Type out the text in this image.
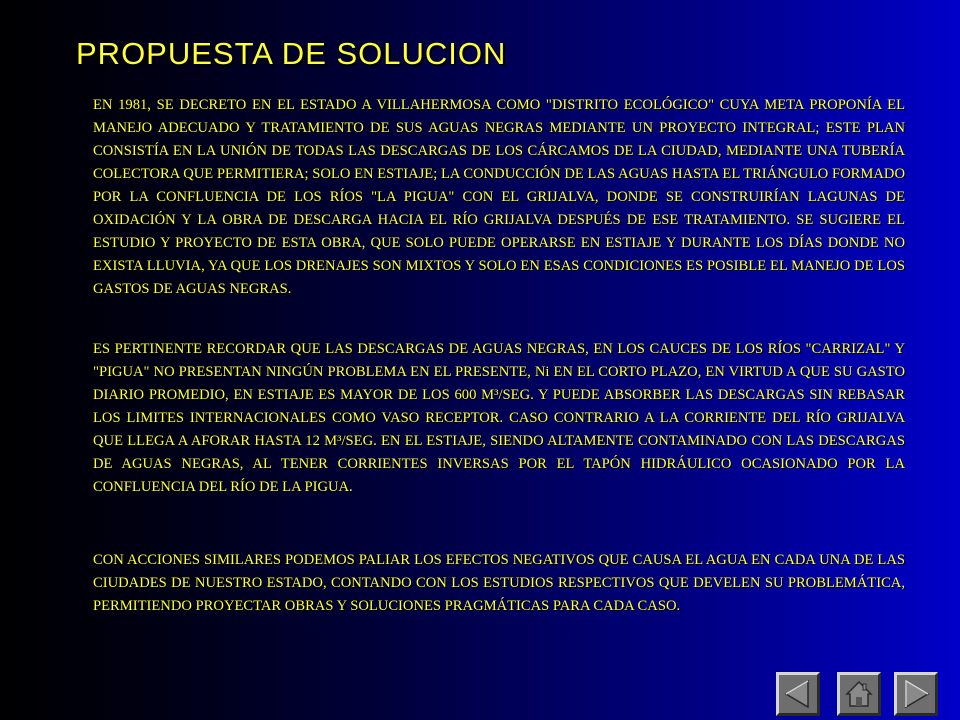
PROPUESTA DE SOLUCION
EN 1981, SE DECRETO EN EL ESTADO A VILLAHERMOSA COMO "DISTRITO ECOLÓGICO" CUYA META PROPONÍA EL MANEJO ADECUADO Y TRATAMIENTO DE SUS AGUAS NEGRAS MEDIANTE UN PROYECTO INTEGRAL; ESTE PLAN CONSISTÍA EN LA UNIÓN DE TODAS LAS DESCARGAS DE LOS CÁRCAMOS DE LA CIUDAD, MEDIANTE UNA TUBERÍA COLECTORA QUE PERMITIERA; SOLO EN ESTIAJE; LA CONDUCCIÓN DE LAS AGUAS HASTA EL TRIÁNGULO FORMADO POR LA CONFLUENCIA DE LOS RÍOS "LA PIGUA" CON EL GRIJALVA, DONDE SE CONSTRUIRÍAN LAGUNAS DE OXIDACIÓN Y LA OBRA DE DESCARGA HACIA EL RÍO GRIJALVA DESPUÉS DE ESE TRATAMIENTO. SE SUGIERE EL ESTUDIO Y PROYECTO DE ESTA OBRA, QUE SOLO PUEDE OPERARSE EN ESTIAJE Y DURANTE LOS DÍAS DONDE NO EXISTA LLUVIA, YA QUE LOS DRENAJES SON MIXTOS Y SOLO EN ESAS CONDICIONES ES POSIBLE EL MANEJO DE LOS GASTOS DE AGUAS NEGRAS.
ES PERTINENTE RECORDAR QUE LAS DESCARGAS DE AGUAS NEGRAS, EN LOS CAUCES DE LOS RÍOS "CARRIZAL" Y "PIGUA" NO PRESENTAN NINGÚN PROBLEMA EN EL PRESENTE, Ni EN EL CORTO PLAZO, EN VIRTUD A QUE SU GASTO DIARIO PROMEDIO, EN ESTIAJE ES MAYOR DE LOS 600 M³/SEG. Y PUEDE ABSORBER LAS DESCARGAS SIN REBASAR LOS LIMITES INTERNACIONALES COMO VASO RECEPTOR. CASO CONTRARIO A LA CORRIENTE DEL RÍO GRIJALVA QUE LLEGA A AFORAR HASTA 12 M³/SEG. EN EL ESTIAJE, SIENDO ALTAMENTE CONTAMINADO CON LAS DESCARGAS DE AGUAS NEGRAS, AL TENER CORRIENTES INVERSAS POR EL TAPÓN HIDRÁULICO OCASIONADO POR LA CONFLUENCIA DEL RÍO DE LA PIGUA.
CON ACCIONES SIMILARES PODEMOS PALIAR LOS EFECTOS NEGATIVOS QUE CAUSA EL AGUA EN CADA UNA DE LAS CIUDADES DE NUESTRO ESTADO, CONTANDO CON LOS ESTUDIOS RESPECTIVOS QUE DEVELEN SU PROBLEMÁTICA, PERMITIENDO PROYECTAR OBRAS Y SOLUCIONES PRAGMÁTICAS PARA CADA CASO.
